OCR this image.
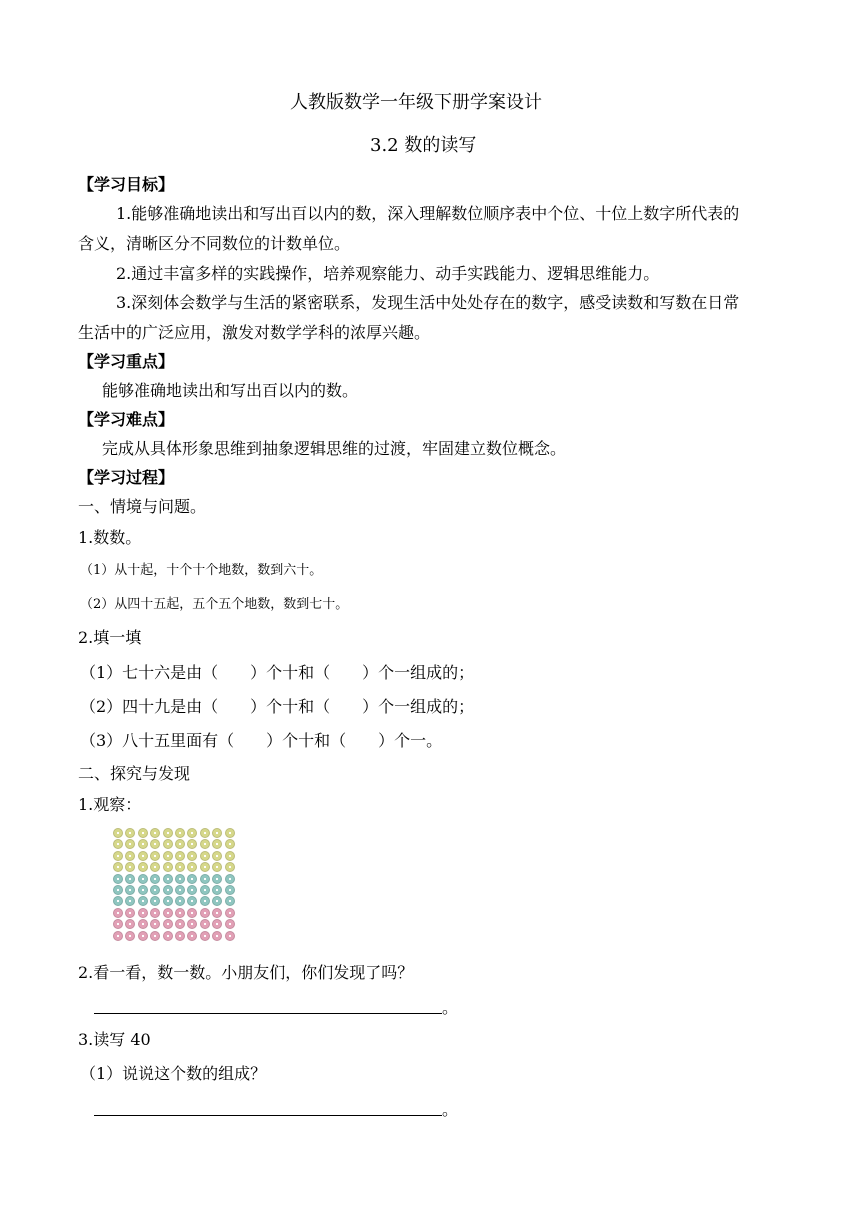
人教版数学一年级下册学案设计
3.2 数的读写
【学习目标】
1.能够准确地读出和写出百以内的数，深入理解数位顺序表中个位、十位上数字所代表的
含义，清晰区分不同数位的计数单位。
2.通过丰富多样的实践操作，培养观察能力、动手实践能力、逻辑思维能力。
3.深刻体会数学与生活的紧密联系，发现生活中处处存在的数字，感受读数和写数在日常
生活中的广泛应用，激发对数学学科的浓厚兴趣。
【学习重点】
能够准确地读出和写出百以内的数。
【学习难点】
完成从具体形象思维到抽象逻辑思维的过渡，牢固建立数位概念。
【学习过程】
一、情境与问题。
1.数数。
（1）从十起，十个十个地数，数到六十。
（2）从四十五起，五个五个地数，数到七十。
2.填一填
（1）七十六是由（　　）个十和（　　）个一组成的；
（2）四十九是由（　　）个十和（　　）个一组成的；
（3）八十五里面有（　　）个十和（　　）个一。
二、探究与发现
1.观察：
2.看一看，数一数。小朋友们，你们发现了吗？
。
3.读写 40
（1）说说这个数的组成？
。
